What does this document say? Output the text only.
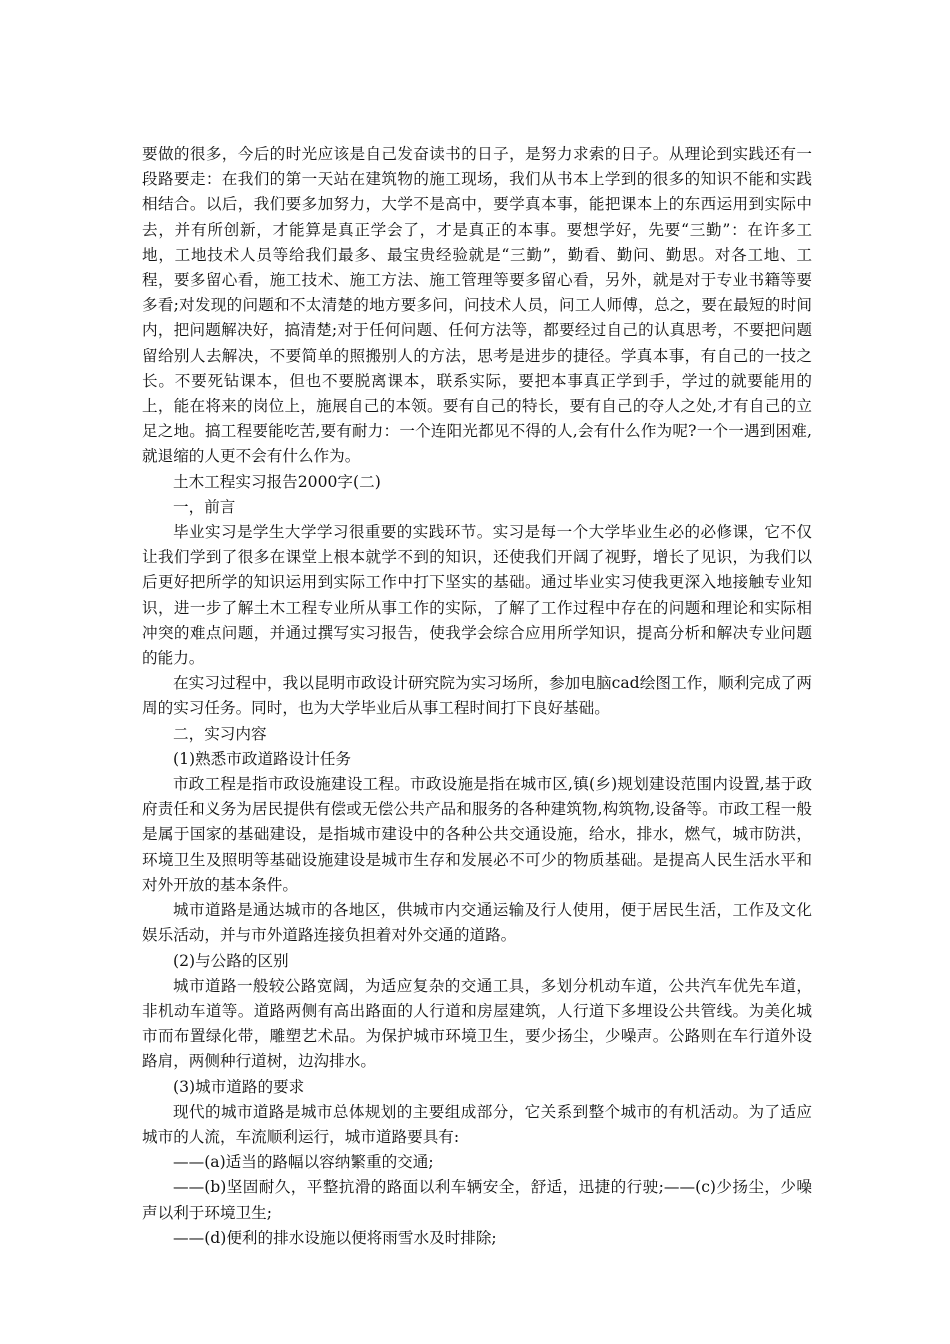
要做的很多，今后的时光应该是自己发奋读书的日子，是努力求索的日子。从理论到实践还有一段路要走：在我们的第一天站在建筑物的施工现场，我们从书本上学到的很多的知识不能和实践相结合。以后，我们要多加努力，大学不是高中，要学真本事，能把课本上的东西运用到实际中去，并有所创新，才能算是真正学会了，才是真正的本事。要想学好，先要“三勤”：在许多工地，工地技术人员等给我们最多、最宝贵经验就是“三勤”，勤看、勤问、勤思。对各工地、工程，要多留心看，施工技术、施工方法、施工管理等要多留心看，另外，就是对于专业书籍等要多看;对发现的问题和不太清楚的地方要多问，问技术人员，问工人师傅，总之，要在最短的时间内，把问题解决好，搞清楚;对于任何问题、任何方法等，都要经过自己的认真思考，不要把问题留给别人去解决，不要简单的照搬别人的方法，思考是进步的捷径。学真本事，有自己的一技之长。不要死钻课本，但也不要脱离课本，联系实际，要把本事真正学到手，学过的就要能用的上，能在将来的岗位上，施展自己的本领。要有自己的特长，要有自己的夺人之处,才有自己的立足之地。搞工程要能吃苦,要有耐力：一个连阳光都见不得的人,会有什么作为呢?一个一遇到困难,就退缩的人更不会有什么作为。

土木工程实习报告2000字(二)

一，前言

毕业实习是学生大学学习很重要的实践环节。实习是每一个大学毕业生必的必修课，它不仅让我们学到了很多在课堂上根本就学不到的知识，还使我们开阔了视野，增长了见识，为我们以后更好把所学的知识运用到实际工作中打下坚实的基础。通过毕业实习使我更深入地接触专业知识，进一步了解土木工程专业所从事工作的实际，了解了工作过程中存在的问题和理论和实际相冲突的难点问题，并通过撰写实习报告，使我学会综合应用所学知识，提高分析和解决专业问题的能力。

在实习过程中，我以昆明市政设计研究院为实习场所，参加电脑cad绘图工作，顺利完成了两周的实习任务。同时，也为大学毕业后从事工程时间打下良好基础。

二，实习内容

(1)熟悉市政道路设计任务

市政工程是指市政设施建设工程。市政设施是指在城市区,镇(乡)规划建设范围内设置,基于政府责任和义务为居民提供有偿或无偿公共产品和服务的各种建筑物,构筑物,设备等。市政工程一般是属于国家的基础建设，是指城市建设中的各种公共交通设施，给水，排水，燃气，城市防洪，环境卫生及照明等基础设施建设是城市生存和发展必不可少的物质基础。是提高人民生活水平和对外开放的基本条件。

城市道路是通达城市的各地区，供城市内交通运输及行人使用，便于居民生活，工作及文化娱乐活动，并与市外道路连接负担着对外交通的道路。

(2)与公路的区别

城市道路一般较公路宽阔，为适应复杂的交通工具，多划分机动车道，公共汽车优先车道，非机动车道等。道路两侧有高出路面的人行道和房屋建筑，人行道下多埋设公共管线。为美化城市而布置绿化带，雕塑艺术品。为保护城市环境卫生，要少扬尘，少噪声。公路则在车行道外设路肩，两侧种行道树，边沟排水。

(3)城市道路的要求

现代的城市道路是城市总体规划的主要组成部分，它关系到整个城市的有机活动。为了适应城市的人流，车流顺利运行，城市道路要具有:

——(a)适当的路幅以容纳繁重的交通;

——(b)坚固耐久，平整抗滑的路面以利车辆安全，舒适，迅捷的行驶;——(c)少扬尘，少噪声以利于环境卫生;

——(d)便利的排水设施以便将雨雪水及时排除;
